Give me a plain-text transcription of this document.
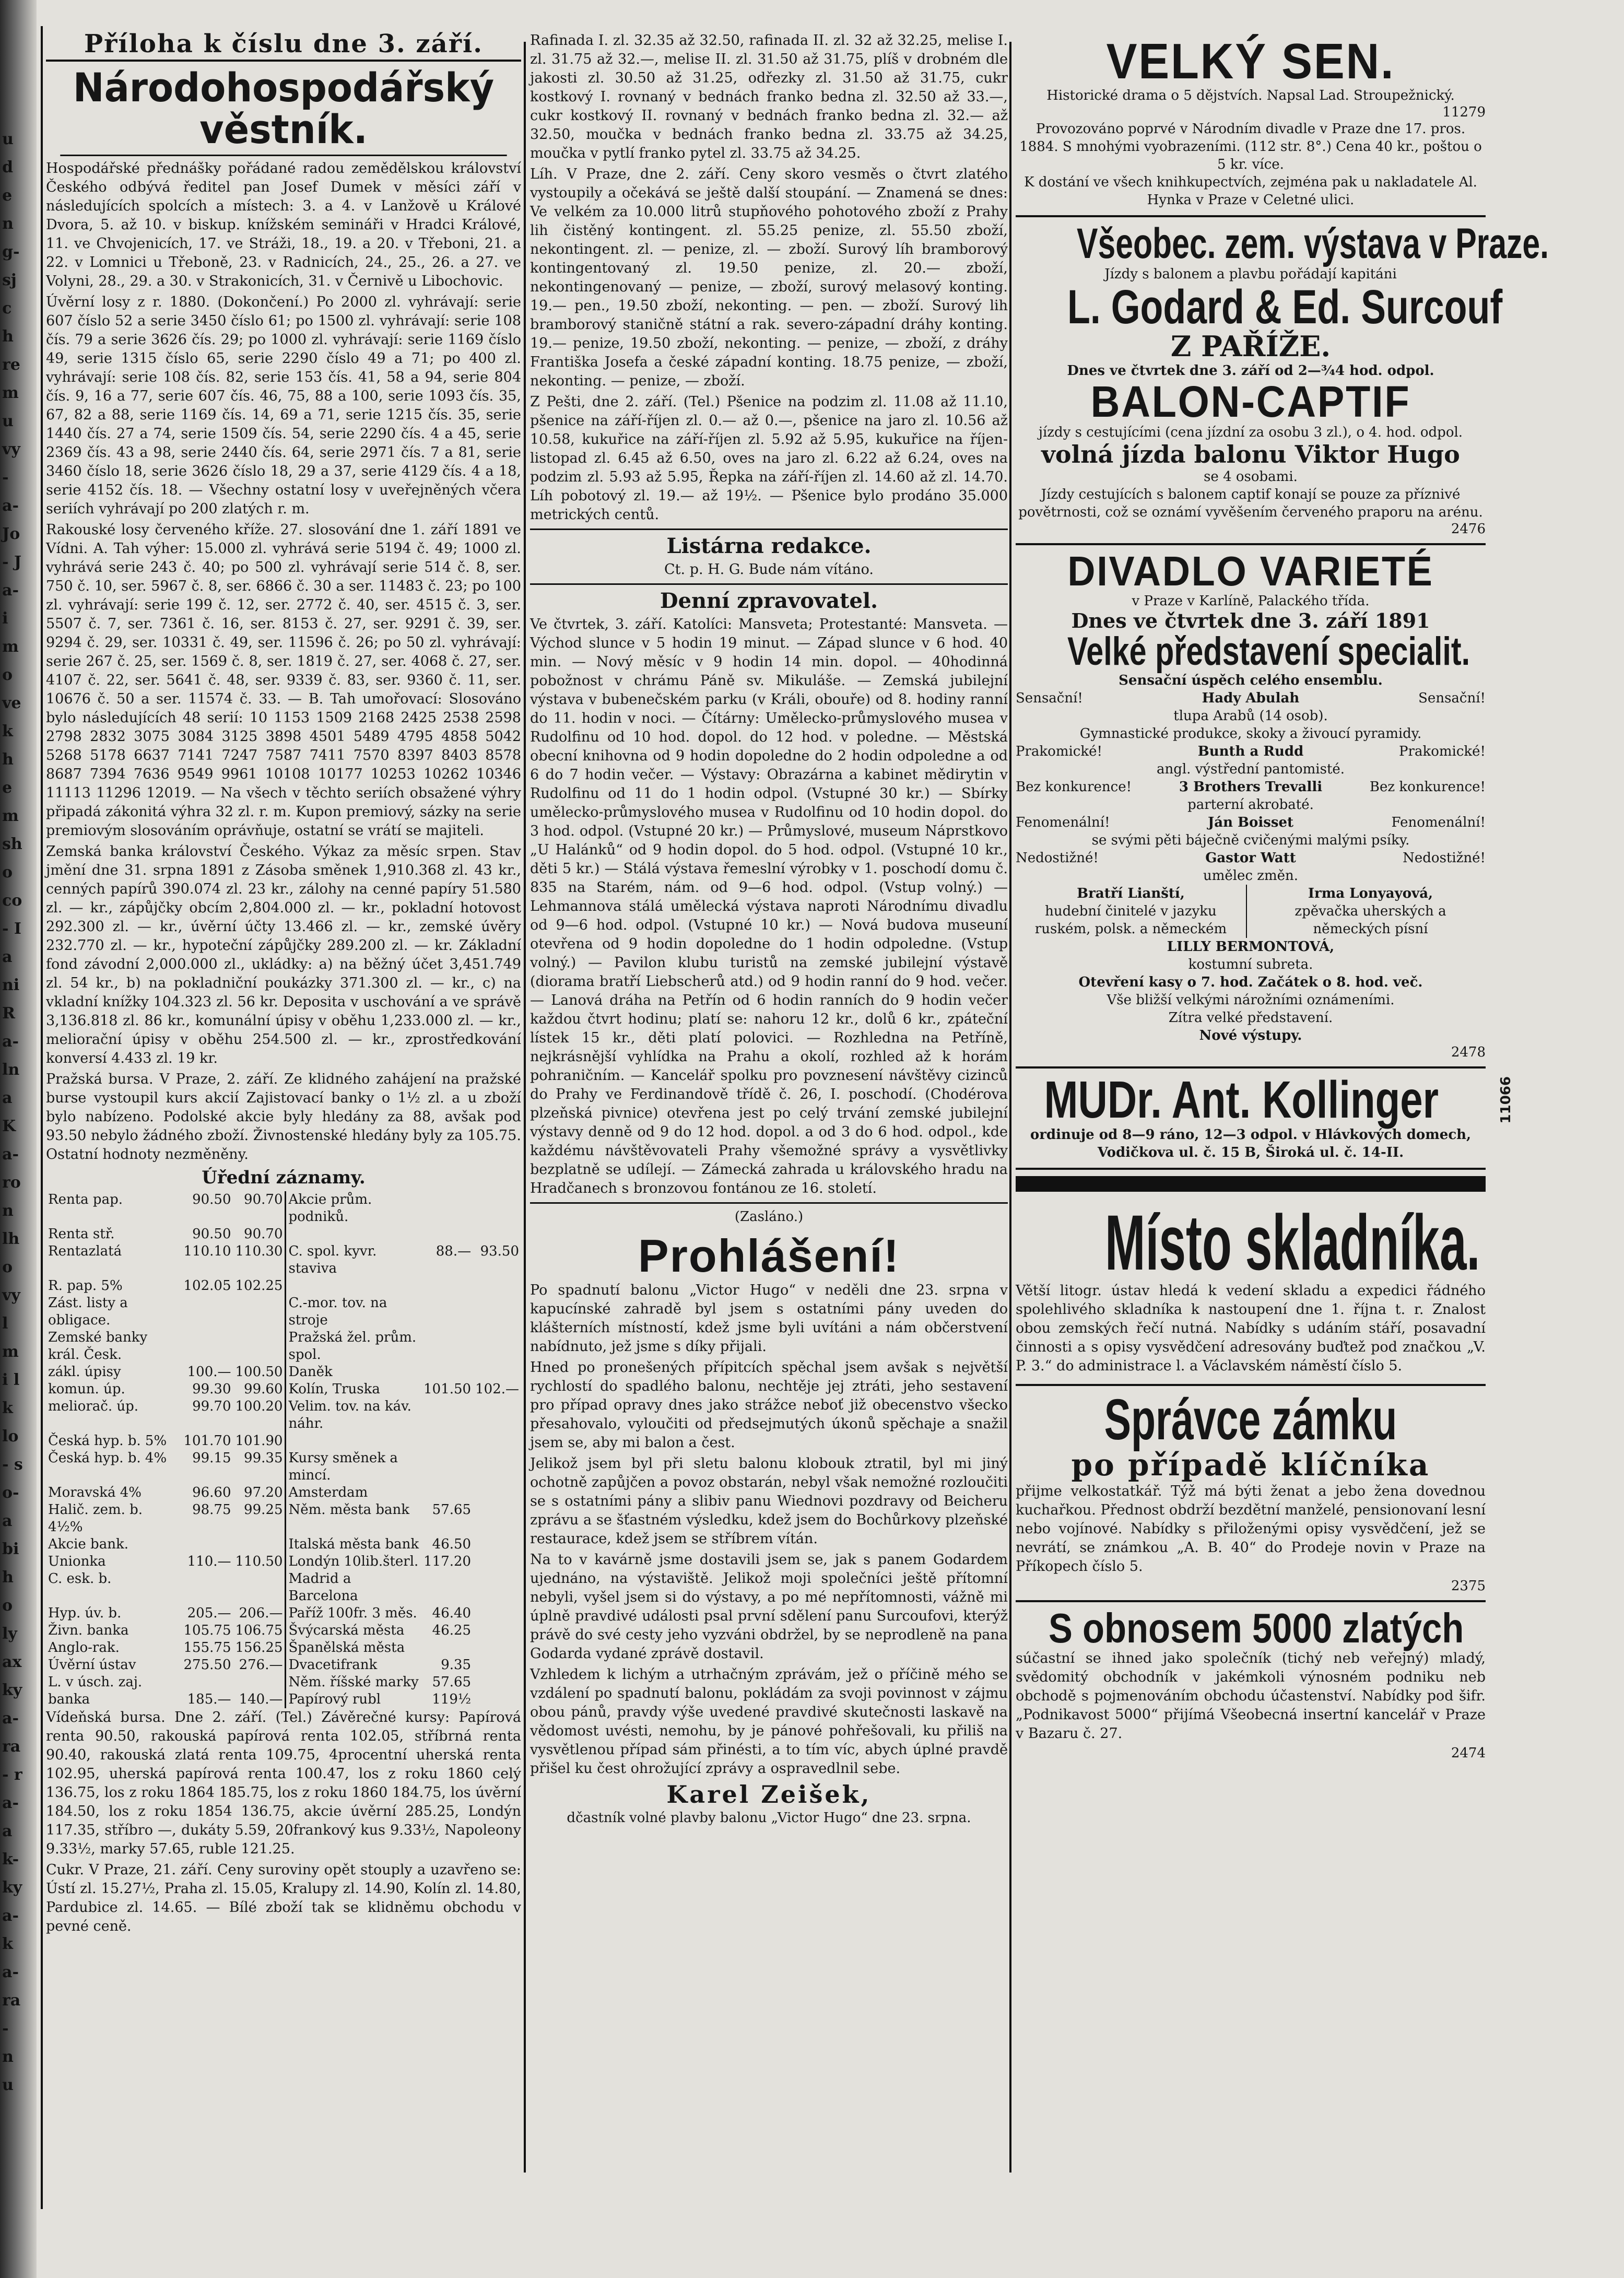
ude ng- sjch rem u vy- a- Jo- Ja- imo vek hem sho co- I a ni Ra- lna Ka- ron lho vyl mi lk lo- so- a bi ho ly ax ky a- ra- ra- ak- ky a- ka- ra- nu
Příloha k číslu dne 3. září.
Národohospodářský věstník.

Hospodářské přednášky pořádané radou zemědělskou království Českého odbývá ředitel pan Josef Dumek v měsíci září v následujících spolcích a místech: 3. a 4. v Lanžově u Králové Dvora, 5. až 10. v biskup. knížském semináři v Hradci Králové, 11. ve Chvojenicích, 17. ve Stráži, 18., 19. a 20. v Třeboni, 21. a 22. v Lomnici u Třeboně, 23. v Radnicích, 24., 25., 26. a 27. ve Volyni, 28., 29. a 30. v Strakonicích, 31. v Černivě u Libochovic.

Úvěrní losy z r. 1880. (Dokončení.) Po 2000 zl. vyhrávají: serie 607 číslo 52 a serie 3450 číslo 61; po 1500 zl. vyhrávají: serie 108 čís. 79 a serie 3626 čís. 29; po 1000 zl. vyhrávají: serie 1169 číslo 49, serie 1315 číslo 65, serie 2290 číslo 49 a 71; po 400 zl. vyhrávají: serie 108 čís. 82, serie 153 čís. 41, 58 a 94, serie 804 čís. 9, 16 a 77, serie 607 čís. 46, 75, 88 a 100, serie 1093 čís. 35, 67, 82 a 88, serie 1169 čís. 14, 69 a 71, serie 1215 čís. 35, serie 1440 čís. 27 a 74, serie 1509 čís. 54, serie 2290 čís. 4 a 45, serie 2369 čís. 43 a 98, serie 2440 čís. 64, serie 2971 čís. 7 a 81, serie 3460 číslo 18, serie 3626 číslo 18, 29 a 37, serie 4129 čís. 4 a 18, serie 4152 čís. 18. — Všechny ostatní losy v uveřejněných včera seriích vyhrávají po 200 zlatých r. m.

Rakouské losy červeného kříže. 27. slosování dne 1. září 1891 ve Vídni. A. Tah výher: 15.000 zl. vyhrává serie 5194 č. 49; 1000 zl. vyhrává serie 243 č. 40; po 500 zl. vyhrávají serie 514 č. 8, ser. 750 č. 10, ser. 5967 č. 8, ser. 6866 č. 30 a ser. 11483 č. 23; po 100 zl. vyhrávají: serie 199 č. 12, ser. 2772 č. 40, ser. 4515 č. 3, ser. 5507 č. 7, ser. 7361 č. 16, ser. 8153 č. 27, ser. 9291 č. 39, ser. 9294 č. 29, ser. 10331 č. 49, ser. 11596 č. 26; po 50 zl. vyhrávají: serie 267 č. 25, ser. 1569 č. 8, ser. 1819 č. 27, ser. 4068 č. 27, ser. 4107 č. 22, ser. 5641 č. 48, ser. 9339 č. 83, ser. 9360 č. 11, ser. 10676 č. 50 a ser. 11574 č. 33. — B. Tah umořovací: Slosováno bylo následujících 48 serií: 10 1153 1509 2168 2425 2538 2598 2798 2832 3075 3084 3125 3898 4501 5489 4795 4858 5042 5268 5178 6637 7141 7247 7587 7411 7570 8397 8403 8578 8687 7394 7636 9549 9961 10108 10177 10253 10262 10346 11113 11296 12019. — Na všech v těchto seriích obsažené výhry připadá zákonitá výhra 32 zl. r. m. Kupon premiový, sázky na serie premiovým slosováním oprávňuje, ostatní se vrátí se majiteli.

Zemská banka království Českého. Výkaz za měsíc srpen. Stav jmění dne 31. srpna 1891 z Zásoba směnek 1,910.368 zl. 43 kr., cenných papírů 390.074 zl. 23 kr., zálohy na cenné papíry 51.580 zl. — kr., zápůjčky obcím 2,804.000 zl. — kr., pokladní hotovost 292.300 zl. — kr., úvěrní účty 13.466 zl. — kr., zemské úvěry 232.770 zl. — kr., hypoteční zápůjčky 289.200 zl. — kr. Základní fond závodní 2,000.000 zl., ukládky: a) na běžný účet 3,451.749 zl. 54 kr., b) na pokladniční poukázky 371.300 zl. — kr., c) na vkladní knížky 104.323 zl. 56 kr. Deposita v uschování a ve správě 3,136.818 zl. 86 kr., komunální úpisy v oběhu 1,233.000 zl. — kr., meliorační úpisy v oběhu 254.500 zl. — kr., zprostředkování konversí 4.433 zl. 19 kr.

Pražská bursa. V Praze, 2. září. Ze klidného zahájení na pražské burse vystoupil kurs akcií Zajistovací banky o 1½ zl. a u zboží bylo nabízeno. Podolské akcie byly hledány za 88, avšak pod 93.50 nebylo žádného zboží. Živnostenské hledány byly za 105.75. Ostatní hodnoty nezměněny.

Úřední záznamy.
Renta pap.	90.50	90.70	Akcie prům. podniků.		
Renta stř.	90.50	90.70			
Rentazlatá	110.10	110.30	C. spol. kyvr. staviva	88.—	93.50
R. pap. 5%	102.05	102.25			
Zást. listy a obligace.			C.-mor. tov. na stroje		
Zemské banky král. Česk.			Pražská žel. prům. spol.		
zákl. úpisy	100.—	100.50	Daněk		
komun. úp.	99.30	99.60	Kolín, Truska	101.50	102.—
meliorač. úp.	99.70	100.20	Velim. tov. na káv. náhr.		
Česká hyp. b. 5%	101.70	101.90			
Česká hyp. b. 4%	99.15	99.35	Kursy směnek a mincí.		
Moravská 4%	96.60	97.20	Amsterdam		
Halič. zem. b. 4½%	98.75	99.25	Něm. města bank	57.65	
Akcie bank.			Italská města bank	46.50	
Unionka	110.—	110.50	Londýn 10lib.šterl.	117.20	
C. esk. b.			Madrid a Barcelona		
Hyp. úv. b.	205.—	206.—	Paříž 100fr. 3 měs.	46.40	
Živn. banka	105.75	106.75	Švýcarská města	46.25	
Anglo-rak.	155.75	156.25	Španělská města		
Úvěrní ústav	275.50	276.—	Dvacetifrank	9.35	
L. v úsch. zaj.			Něm. říšské marky	57.65	
banka	185.—	140.—	Papírový rubl	119½	

Vídeňská bursa. Dne 2. září. (Tel.) Závěrečné kursy: Papírová renta 90.50, rakouská papírová renta 102.05, stříbrná renta 90.40, rakouská zlatá renta 109.75, 4procentní uherská renta 102.95, uherská papírová renta 100.47, los z roku 1860 celý 136.75, los z roku 1864 185.75, los z roku 1860 184.75, los úvěrní 184.50, los z roku 1854 136.75, akcie úvěrní 285.25, Londýn 117.35, stříbro —, dukáty 5.59, 20frankový kus 9.33½, Napoleony 9.33½, marky 57.65, ruble 121.25.

Cukr. V Praze, 21. září. Ceny suroviny opět stouply a uzavřeno se: Ústí zl. 15.27½, Praha zl. 15.05, Kralupy zl. 14.90, Kolín zl. 14.80, Pardubice zl. 14.65. — Bílé zboží tak se klidněmu obchodu v pevné ceně.

Rafinada I. zl. 32.35 až 32.50, rafinada II. zl. 32 až 32.25, melise I. zl. 31.75 až 32.—, melise II. zl. 31.50 až 31.75, plíš v drobném dle jakosti zl. 30.50 až 31.25, odřezky zl. 31.50 až 31.75, cukr kostkový I. rovnaný v bednách franko bedna zl. 32.50 až 33.—, cukr kostkový II. rovnaný v bednách franko bedna zl. 32.— až 32.50, moučka v bednách franko bedna zl. 33.75 až 34.25, moučka v pytlí franko pytel zl. 33.75 až 34.25.

Líh. V Praze, dne 2. září. Ceny skoro vesměs o čtvrt zlatého vystoupily a očekává se ještě další stoupání. — Znamená se dnes: Ve velkém za 10.000 litrů stupňového pohotového zboží z Prahy lih čistěný kontingent. zl. 55.25 penize, zl. 55.50 zboží, nekontingent. zl. — penize, zl. — zboží. Surový líh bramborový kontingentovaný zl. 19.50 penize, zl. 20.— zboží, nekontingenovaný — penize, — zboží, surový melasový konting. 19.— pen., 19.50 zboží, nekonting. — pen. — zboží. Surový lih bramborový staničně státní a rak. severo-západní dráhy konting. 19.— penize, 19.50 zboží, nekonting. — penize, — zboží, z dráhy Františka Josefa a české západní konting. 18.75 penize, — zboží, nekonting. — penize, — zboží.

Z Pešti, dne 2. září. (Tel.) Pšenice na podzim zl. 11.08 až 11.10, pšenice na září-říjen zl. 0.— až 0.—, pšenice na jaro zl. 10.56 až 10.58, kukuřice na září-říjen zl. 5.92 až 5.95, kukuřice na říjen-listopad zl. 6.45 až 6.50, oves na jaro zl. 6.22 až 6.24, oves na podzim zl. 5.93 až 5.95, Řepka na září-říjen zl. 14.60 až zl. 14.70. Líh pobotový zl. 19.— až 19½. — Pšenice bylo prodáno 35.000 metrických centů.

Listárna redakce.

Ct. p. H. G. Bude nám vítáno.

Denní zpravovatel.

Ve čtvrtek, 3. září. Katolíci: Mansveta; Protestanté: Mansveta. — Východ slunce v 5 hodin 19 minut. — Západ slunce v 6 hod. 40 min. — Nový měsíc v 9 hodin 14 min. dopol. — 40hodinná pobožnost v chrámu Páně sv. Mikuláše. — Zemská jubilejní výstava v bubenečském parku (v Králi, obouře) od 8. hodiny ranní do 11. hodin v noci. — Čítárny: Umělecko-průmyslového musea v Rudolfinu od 10 hod. dopol. do 12 hod. v poledne. — Městská obecní knihovna od 9 hodin dopoledne do 2 hodin odpoledne a od 6 do 7 hodin večer. — Výstavy: Obrazárna a kabinet mědirytin v Rudolfinu od 11 do 1 hodin odpol. (Vstupné 30 kr.) — Sbírky umělecko-průmyslového musea v Rudolfinu od 10 hodin dopol. do 3 hod. odpol. (Vstupné 20 kr.) — Průmyslové, museum Náprstkovo „U Halánků“ od 9 hodin dopol. do 5 hod. odpol. (Vstupné 10 kr., děti 5 kr.) — Stálá výstava řemeslní výrobky v 1. poschodí domu č. 835 na Starém, nám. od 9—6 hod. odpol. (Vstup volný.) — Lehmannova stálá umělecká výstava naproti Národnímu divadlu od 9—6 hod. odpol. (Vstupné 10 kr.) — Nová budova museuní otevřena od 9 hodin dopoledne do 1 hodin odpoledne. (Vstup volný.) — Pavilon klubu turistů na zemské jubilejní výstavě (diorama bratří Liebscherů atd.) od 9 hodin ranní do 9 hod. večer. — Lanová dráha na Petřín od 6 hodin ranních do 9 hodin večer každou čtvrt hodinu; platí se: nahoru 12 kr., dolů 6 kr., zpáteční lístek 15 kr., děti platí polovici. — Rozhledna na Petříně, nejkrásnější vyhlídka na Prahu a okolí, rozhled až k horám pohraničním. — Kancelář spolku pro povznesení návštěvy cizinců do Prahy ve Ferdinandově třídě č. 26, I. poschodí. (Chodérova plzeňská pivnice) otevřena jest po celý trvání zemské jubilejní výstavy denně od 9 do 12 hod. dopol. a od 3 do 6 hod. odpol., kde každému návštěvovateli Prahy všemožné správy a vysvětlivky bezplatně se udílejí. — Zámecká zahrada u královského hradu na Hradčanech s bronzovou fontánou ze 16. století.

(Zasláno.)
Prohlášení!

Po spadnutí balonu „Victor Hugo“ v neděli dne 23. srpna v kapucínské zahradě byl jsem s ostatními pány uveden do klášterních místností, kdež jsme byli uvítáni a nám občerstvení nabídnuto, jež jsme s díky přijali.

Hned po pronešených přípitcích spěchal jsem avšak s největší rychlostí do spadlého balonu, nechtěje jej ztráti, jeho sestavení pro případ opravy dnes jako strážce neboť již obecenstvo všecko přesahovalo, vyloučiti od předsejmutých úkonů spěchaje a snažil jsem se, aby mi balon a čest.

Jelikož jsem byl při sletu balonu klobouk ztratil, byl mi jiný ochotně zapůjčen a povoz obstarán, nebyl však nemožné rozloučiti se s ostatními pány a slibiv panu Wiednovi pozdravy od Beicheru zprávu a se šťastném výsledku, kdež jsem do Bochůrkovy plzeňské restaurace, kdež jsem se stříbrem vítán.

Na to v kavárně jsme dostavili jsem se, jak s panem Godardem ujednáno, na výstaviště. Jelikož moji společníci ještě přítomní nebyli, vyšel jsem si do výstavy, a po mé nepřítomnosti, vážně mi úplně pravdivé události psal první sdělení panu Surcoufovi, kterýž právě do své cesty jeho vyzváni obdržel, by se neprodleně na pana Godarda vydané zprávě dostavil.

Vzhledem k lichým a utrhačným zprávám, jež o příčině mého se vzdálení po spadnutí balonu, pokládám za svoji povinnost v zájmu obou pánů, pravdy výše uvedené pravdivé skutečnosti laskavě na vědomost uvésti, nemohu, by je pánové pohřešovali, ku přiliš na vysvětlenou případ sám přinésti, a to tím víc, abych úplné pravdě přišel ku čest ohrožující zprávy a ospravedlnil sebe.

Karel Zeišek,
dčastník volné plavby balonu „Victor Hugo“ dne 23. srpna.
VELKÝ SEN.
Historické drama o 5 dějstvích. Napsal Lad. Stroupežnický.
11279
Provozováno poprvé v Národním divadle v Praze dne 17. pros. 1884. S mnohými vyobrazeními. (112 str. 8°.) Cena 40 kr., poštou o 5 kr. více.
K dostání ve všech knihkupectvích, zejména pak u nakladatele Al. Hynka v Praze v Celetné ulici.
Všeobec. zem. výstava v Praze.
Jízdy s balonem a plavbu pořádají kapitáni
L. Godard & Ed. Surcouf
Z PAŘÍŽE.
Dnes ve čtvrtek dne 3. září od 2—¾4 hod. odpol.
BALON-CAPTIF
jízdy s cestujícími (cena jízdní za osobu 3 zl.), o 4. hod. odpol.
volná jízda balonu Viktor Hugo
se 4 osobami.
Jízdy cestujících s balonem captif konají se pouze za příznivé povětrnosti, což se oznámí vyvěšením červeného praporu na arénu.
2476
DIVADLO VARIETÉ
v Praze v Karlíně, Palackého třída.
Dnes ve čtvrtek dne 3. září 1891
Velké představení specialit.
Sensační úspěch celého ensemblu.
Sensační!	Hady Abulah	Sensační!
tlupa Arabů (14 osob).
Gymnastické produkce, skoky a živoucí pyramidy.
Prakomické!	Bunth a Rudd	Prakomické!
angl. výstřední pantomisté.
Bez konkurence!	3 Brothers Trevalli	Bez konkurence!
parterní akrobaté.
Fenomenální!	Ján Boisset	Fenomenální!
se svými pěti báječně cvičenými malými psíky.
Nedostižné!	Gastor Watt	Nedostižné!
umělec změn.
Bratří Lianští,
hudební činitelé v jazyku ruském, polsk. a německém
Irma Lonyayová,
zpěvačka uherských a německých písní
LILLY BERMONTOVÁ,
kostumní subreta.
Otevření kasy o 7. hod. Začátek o 8. hod. več.
Vše bližší velkými nárožními oznámeními.
Zítra velké představení.
Nové výstupy.
2478
MUDr. Ant. Kollinger	11066
ordinuje od 8—9 ráno, 12—3 odpol. v Hlávkových domech, Vodičkova ul. č. 15 B, Široká ul. č. 14-II.
Místo skladníka.

Větší litogr. ústav hledá k vedení skladu a expedici řádného spolehlivého skladníka k nastoupení dne 1. října t. r. Znalost obou zemských řečí nutná. Nabídky s udáním stáří, posavadní činnosti a s opisy vysvědčení adresovány buďtež pod značkou „V. P. 3.“ do administrace l. a Václavském náměstí číslo 5.

Správce zámku
po případě klíčníka

přijme velkostatkář. Týž má býti ženat a jebo žena dovednou kuchařkou. Přednost obdrží bezdětní manželé, pensionovaní lesní nebo vojínové. Nabídky s přiloženými opisy vysvědčení, jež se nevrátí, se známkou „A. B. 40“ do Prodeje novin v Praze na Příkopech číslo 5.

2375
S obnosem 5000 zlatých

súčastní se ihned jako společník (tichý neb veřejný) mladý, svědomitý obchodník v jakémkoli výnosném podniku neb obchodě s pojmenováním obchodu účastenství. Nabídky pod šifr. „Podnikavost 5000“ přijímá Všeobecná insertní kancelář v Praze v Bazaru č. 27.

2474
